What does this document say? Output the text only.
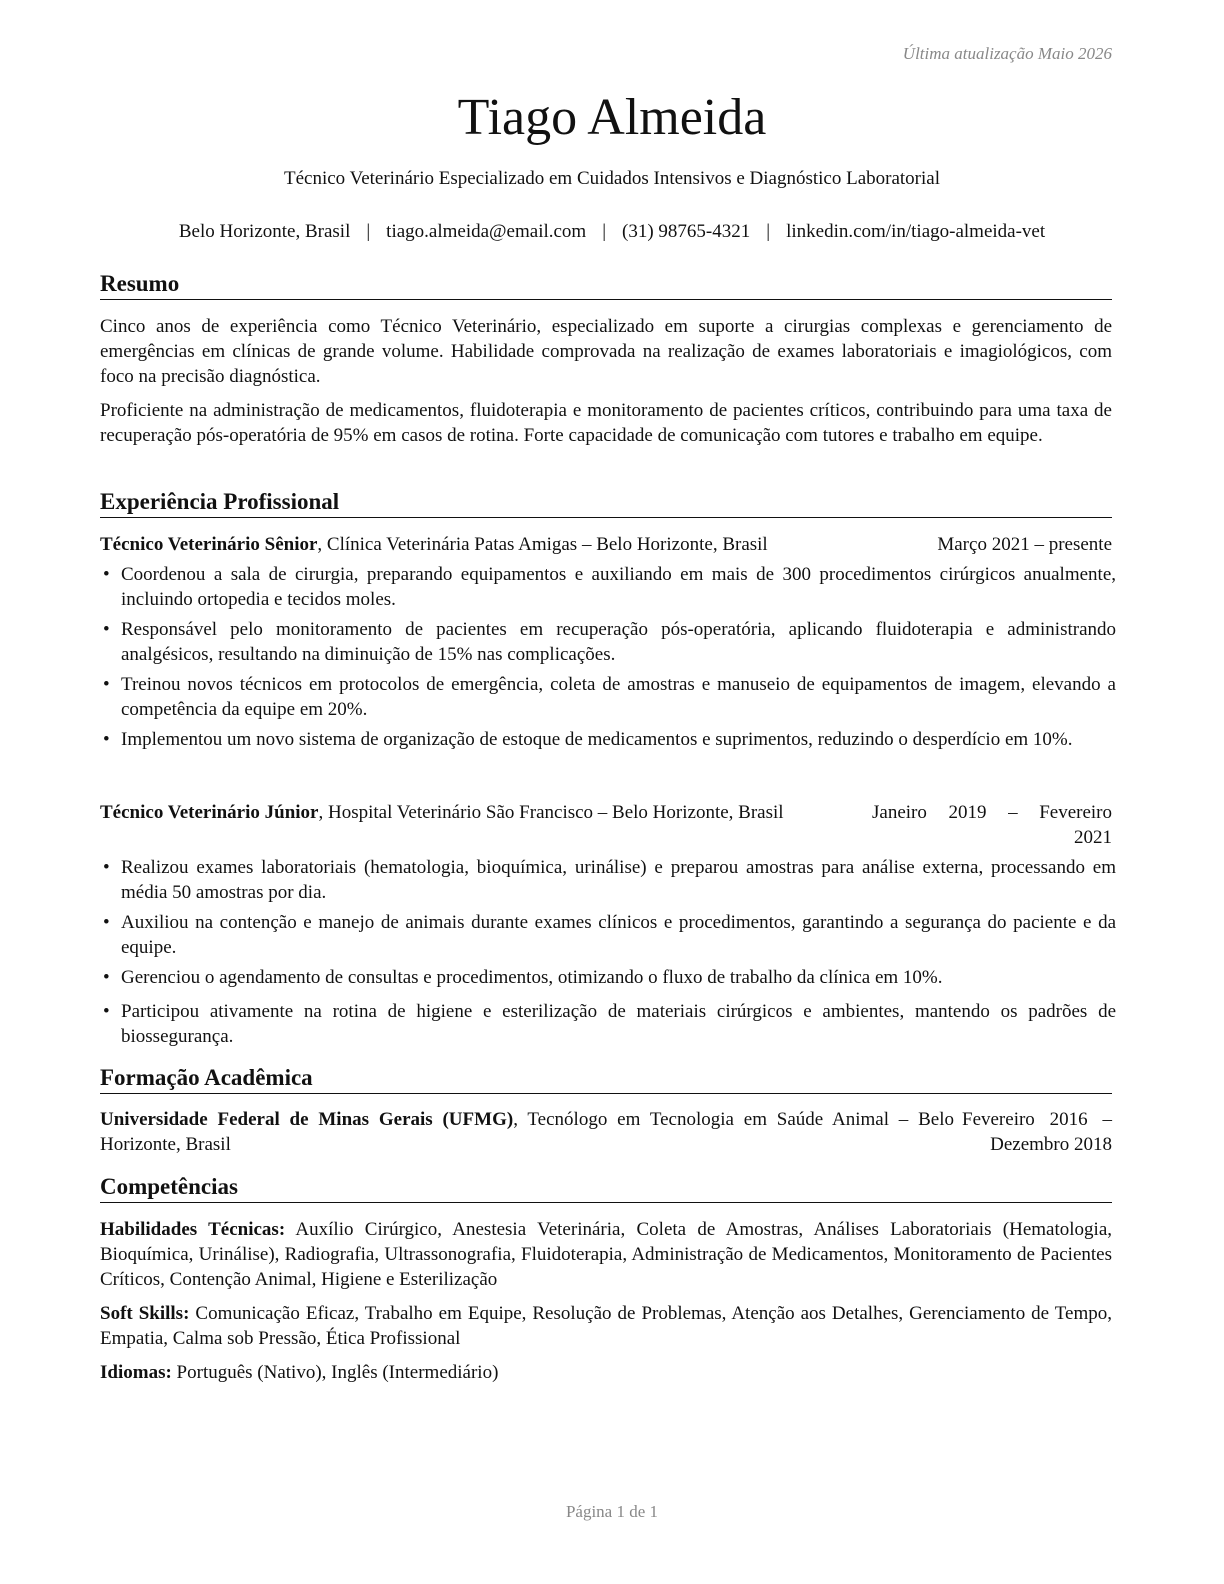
Última atualização Maio 2026
Tiago Almeida
Técnico Veterinário Especializado em Cuidados Intensivos e Diagnóstico Laboratorial
Belo Horizonte, Brasil | tiago.almeida@email.com | (31) 98765-4321 | linkedin.com/in/tiago-almeida-vet
Resumo

Cinco anos de experiência como Técnico Veterinário, especializado em suporte a cirurgias complexas e gerenciamento de emergências em clínicas de grande volume. Habilidade comprovada na realização de exames laboratoriais e imagiológicos, com foco na precisão diagnóstica.

Proficiente na administração de medicamentos, fluidoterapia e monitoramento de pacientes críticos, contribuindo para uma taxa de recuperação pós-operatória de 95% em casos de rotina. Forte capacidade de comunicação com tutores e trabalho em equipe.

Experiência Profissional
Técnico Veterinário Sênior, Clínica Veterinária Patas Amigas – Belo Horizonte, Brasil	Março 2021 – presente
• Coordenou a sala de cirurgia, preparando equipamentos e auxiliando em mais de 300 procedimentos cirúrgicos anualmente, incluindo ortopedia e tecidos moles.
• Responsável pelo monitoramento de pacientes em recuperação pós-operatória, aplicando fluidoterapia e administrando analgésicos, resultando na diminuição de 15% nas complicações.
• Treinou novos técnicos em protocolos de emergência, coleta de amostras e manuseio de equipamentos de imagem, elevando a competência da equipe em 20%.
• Implementou um novo sistema de organização de estoque de medicamentos e suprimentos, reduzindo o desperdício em 10%.
Técnico Veterinário Júnior, Hospital Veterinário São Francisco – Belo Horizonte, Brasil	Janeiro 2019 – Fevereiro 2021
• Realizou exames laboratoriais (hematologia, bioquímica, urinálise) e preparou amostras para análise externa, processando em média 50 amostras por dia.
• Auxiliou na contenção e manejo de animais durante exames clínicos e procedimentos, garantindo a segurança do paciente e da equipe.
• Gerenciou o agendamento de consultas e procedimentos, otimizando o fluxo de trabalho da clínica em 10%.
• Participou ativamente na rotina de higiene e esterilização de materiais cirúrgicos e ambientes, mantendo os padrões de biossegurança.
Formação Acadêmica
Fevereiro 2016 – Dezembro 2018

Universidade Federal de Minas Gerais (UFMG), Tecnólogo em Tecnologia em Saúde Animal – Belo Horizonte, Brasil

Competências

Habilidades Técnicas: Auxílio Cirúrgico, Anestesia Veterinária, Coleta de Amostras, Análises Laboratoriais (Hematologia, Bioquímica, Urinálise), Radiografia, Ultrassonografia, Fluidoterapia, Administração de Medicamentos, Monitoramento de Pacientes Críticos, Contenção Animal, Higiene e Esterilização

Soft Skills: Comunicação Eficaz, Trabalho em Equipe, Resolução de Problemas, Atenção aos Detalhes, Gerenciamento de Tempo, Empatia, Calma sob Pressão, Ética Profissional

Idiomas: Português (Nativo), Inglês (Intermediário)

Página 1 de 1
